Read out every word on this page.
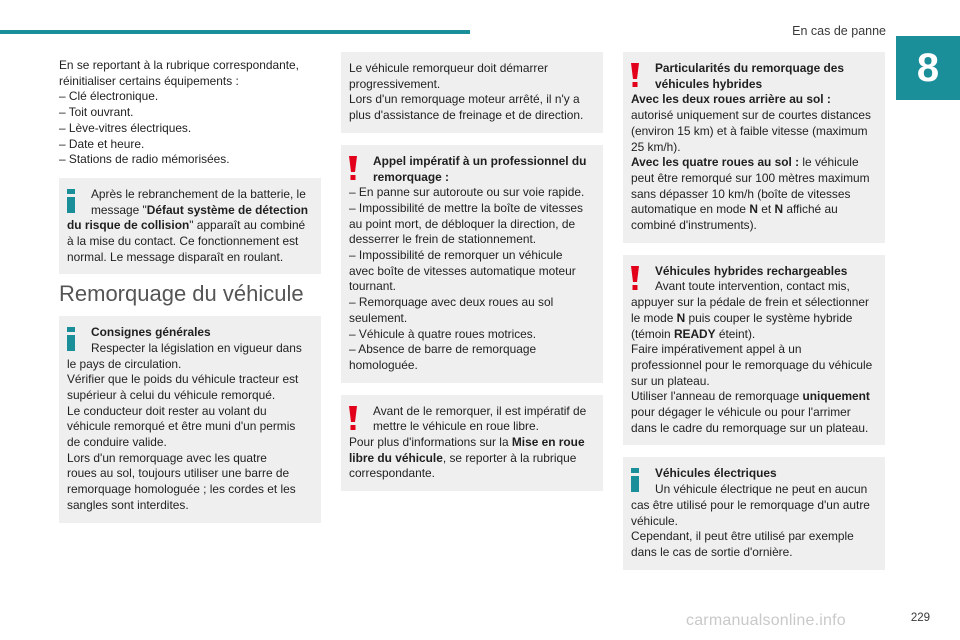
En cas de panne
8
En se reportant à la rubrique correspondante,
réinitialiser certains équipements :
– Clé électronique.
– Toit ouvrant.
– Lève-vitres électriques.
– Date et heure.
– Stations de radio mémorisées.
Après le rebranchement de la batterie, le
message "Défaut système de détection
du risque de collision" apparaît au combiné
à la mise du contact. Ce fonctionnement est
normal. Le message disparaît en roulant.
Remorquage du véhicule
Consignes générales
Respecter la législation en vigueur dans
le pays de circulation.
Vérifier que le poids du véhicule tracteur est
supérieur à celui du véhicule remorqué.
Le conducteur doit rester au volant du
véhicule remorqué et être muni d'un permis
de conduire valide.
Lors d'un remorquage avec les quatre
roues au sol, toujours utiliser une barre de
remorquage homologuée ; les cordes et les
sangles sont interdites.
Le véhicule remorqueur doit démarrer
progressivement.
Lors d'un remorquage moteur arrêté, il n'y a
plus d'assistance de freinage et de direction.
Appel impératif à un professionnel du
remorquage :
– En panne sur autoroute ou sur voie rapide.
– Impossibilité de mettre la boîte de vitesses
au point mort, de débloquer la direction, de
desserrer le frein de stationnement.
– Impossibilité de remorquer un véhicule
avec boîte de vitesses automatique moteur
tournant.
– Remorquage avec deux roues au sol
seulement.
– Véhicule à quatre roues motrices.
– Absence de barre de remorquage
homologuée.
Avant de le remorquer, il est impératif de
mettre le véhicule en roue libre.
Pour plus d'informations sur la Mise en roue
libre du véhicule, se reporter à la rubrique
correspondante.
Particularités du remorquage des
véhicules hybrides
Avec les deux roues arrière au sol :
autorisé uniquement sur de courtes distances
(environ 15 km) et à faible vitesse (maximum
25 km/h).
Avec les quatre roues au sol : le véhicule
peut être remorqué sur 100 mètres maximum
sans dépasser 10 km/h (boîte de vitesses
automatique en mode N et N affiché au
combiné d'instruments).
Véhicules hybrides rechargeables
Avant toute intervention, contact mis,
appuyer sur la pédale de frein et sélectionner
le mode N puis couper le système hybride
(témoin READY éteint).
Faire impérativement appel à un
professionnel pour le remorquage du véhicule
sur un plateau.
Utiliser l'anneau de remorquage uniquement
pour dégager le véhicule ou pour l'arrimer
dans le cadre du remorquage sur un plateau.
Véhicules électriques
Un véhicule électrique ne peut en aucun
cas être utilisé pour le remorquage d'un autre
véhicule.
Cependant, il peut être utilisé par exemple
dans le cas de sortie d'ornière.
carmanualsonline.info	229
